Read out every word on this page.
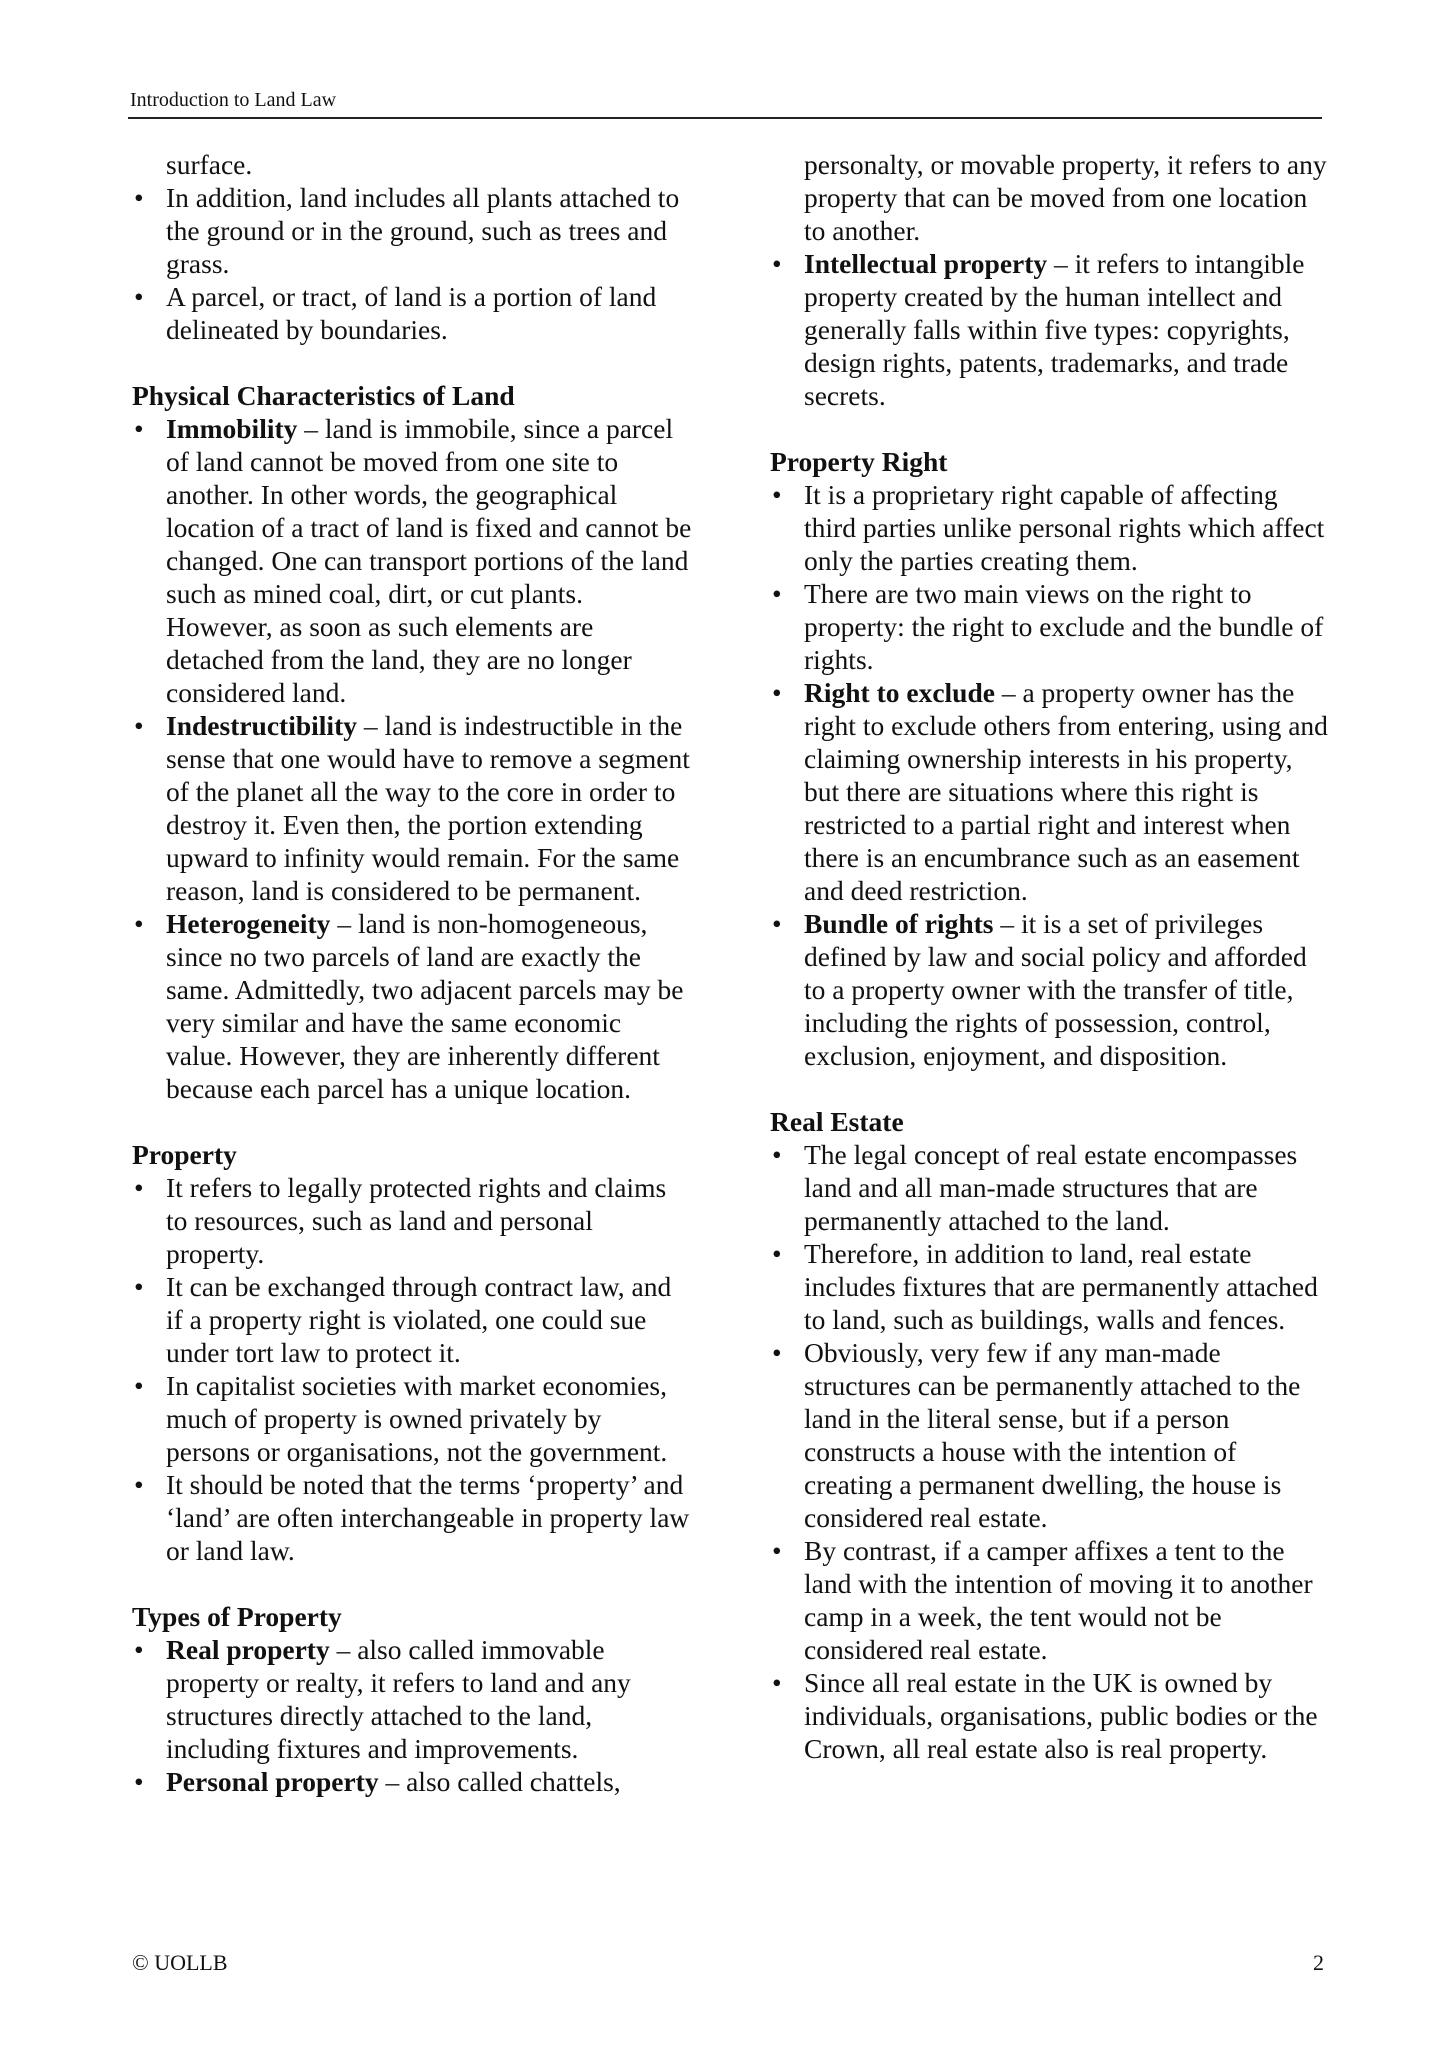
Introduction to Land Law
surface.
• In addition, land includes all plants attached to the ground or in the ground, such as trees and grass.
• A parcel, or tract, of land is a portion of land delineated by boundaries.

Physical Characteristics of Land

• Immobility – land is immobile, since a parcel of land cannot be moved from one site to another. In other words, the geographical location of a tract of land is fixed and cannot be changed. One can transport portions of the land such as mined coal, dirt, or cut plants. However, as soon as such elements are detached from the land, they are no longer considered land.
• Indestructibility – land is indestructible in the sense that one would have to remove a segment of the planet all the way to the core in order to destroy it. Even then, the portion extending upward to infinity would remain. For the same reason, land is considered to be permanent.
• Heterogeneity – land is non-homogeneous, since no two parcels of land are exactly the same. Admittedly, two adjacent parcels may be very similar and have the same economic value. However, they are inherently different because each parcel has a unique location.

Property

• It refers to legally protected rights and claims to resources, such as land and personal property.
• It can be exchanged through contract law, and if a property right is violated, one could sue under tort law to protect it.
• In capitalist societies with market economies, much of property is owned privately by persons or organisations, not the government.
• It should be noted that the terms ‘property’ and ‘land’ are often interchangeable in property law or land law.

Types of Property

• Real property – also called immovable property or realty, it refers to land and any structures directly attached to the land, including fixtures and improvements.
• Personal property – also called chattels,
personalty, or movable property, it refers to any property that can be moved from one location to another.
• Intellectual property – it refers to intangible property created by the human intellect and generally falls within five types: copyrights, design rights, patents, trademarks, and trade secrets.

Property Right

• It is a proprietary right capable of affecting third parties unlike personal rights which affect only the parties creating them.
• There are two main views on the right to property: the right to exclude and the bundle of rights.
• Right to exclude – a property owner has the right to exclude others from entering, using and claiming ownership interests in his property, but there are situations where this right is restricted to a partial right and interest when there is an encumbrance such as an easement and deed restriction.
• Bundle of rights – it is a set of privileges defined by law and social policy and afforded to a property owner with the transfer of title, including the rights of possession, control, exclusion, enjoyment, and disposition.

Real Estate

• The legal concept of real estate encompasses land and all man-made structures that are permanently attached to the land.
• Therefore, in addition to land, real estate includes fixtures that are permanently attached to land, such as buildings, walls and fences.
• Obviously, very few if any man-made structures can be permanently attached to the land in the literal sense, but if a person constructs a house with the intention of creating a permanent dwelling, the house is considered real estate.
• By contrast, if a camper affixes a tent to the land with the intention of moving it to another camp in a week, the tent would not be considered real estate.
• Since all real estate in the UK is owned by individuals, organisations, public bodies or the Crown, all real estate also is real property.
© UOLLB	2
